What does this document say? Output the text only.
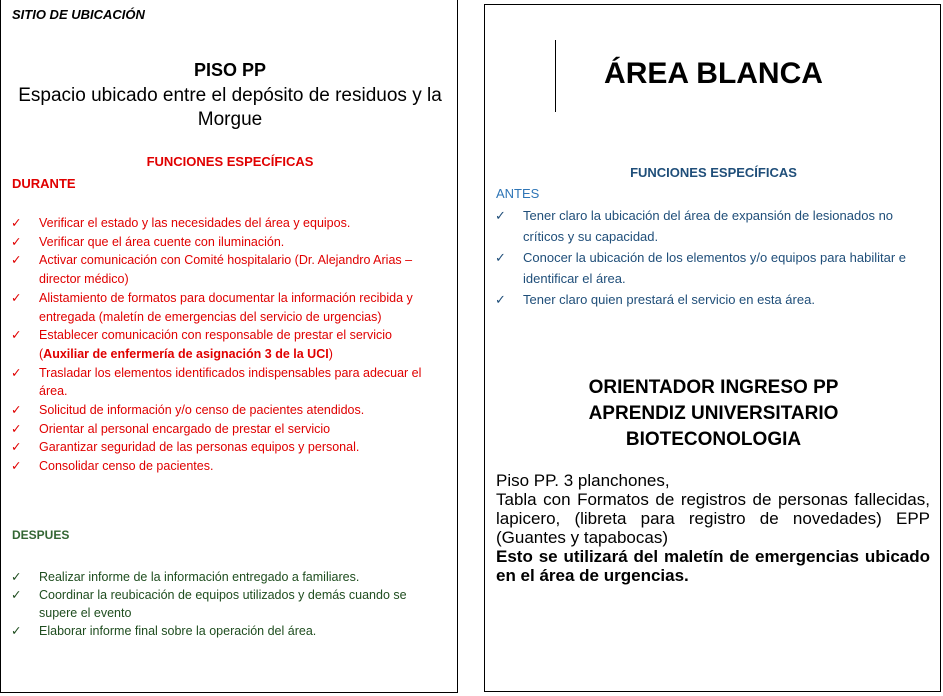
SITIO DE UBICACIÓN
PISO PP
Espacio ubicado entre el depósito de residuos y la Morgue
FUNCIONES ESPECÍFICAS
DURANTE
✓ Verificar el estado y las necesidades del área y equipos.
✓ Verificar que el área cuente con iluminación.
✓ Activar comunicación con Comité hospitalario (Dr. Alejandro Arias – director médico)
✓ Alistamiento de formatos para documentar la información recibida y entregada (maletín de emergencias del servicio de urgencias)
✓ Establecer comunicación con responsable de prestar el servicio (Auxiliar de enfermería de asignación 3 de la UCI)
✓ Trasladar los elementos identificados indispensables para adecuar el área.
✓ Solicitud de información y/o censo de pacientes atendidos.
✓ Orientar al personal encargado de prestar el servicio
✓ Garantizar seguridad de las personas equipos y personal.
✓ Consolidar censo de pacientes.
DESPUES
✓ Realizar informe de la información entregado a familiares.
✓ Coordinar la reubicación de equipos utilizados y demás cuando se supere el evento
✓ Elaborar informe final sobre la operación del área.
ÁREA BLANCA
FUNCIONES ESPECÍFICAS
ANTES
✓ Tener claro la ubicación del área de expansión de lesionados no críticos y su capacidad.
✓ Conocer la ubicación de los elementos y/o equipos para habilitar e identificar el área.
✓ Tener claro quien prestará el servicio en esta área.
ORIENTADOR INGRESO PP
APRENDIZ UNIVERSITARIO
BIOTECONOLOGIA

Piso PP. 3 planchones,

Tabla con Formatos de registros de personas fallecidas, lapicero, (libreta para registro de novedades) EPP (Guantes y tapabocas)

Esto se utilizará del maletín de emergencias ubicado en el área de urgencias.
